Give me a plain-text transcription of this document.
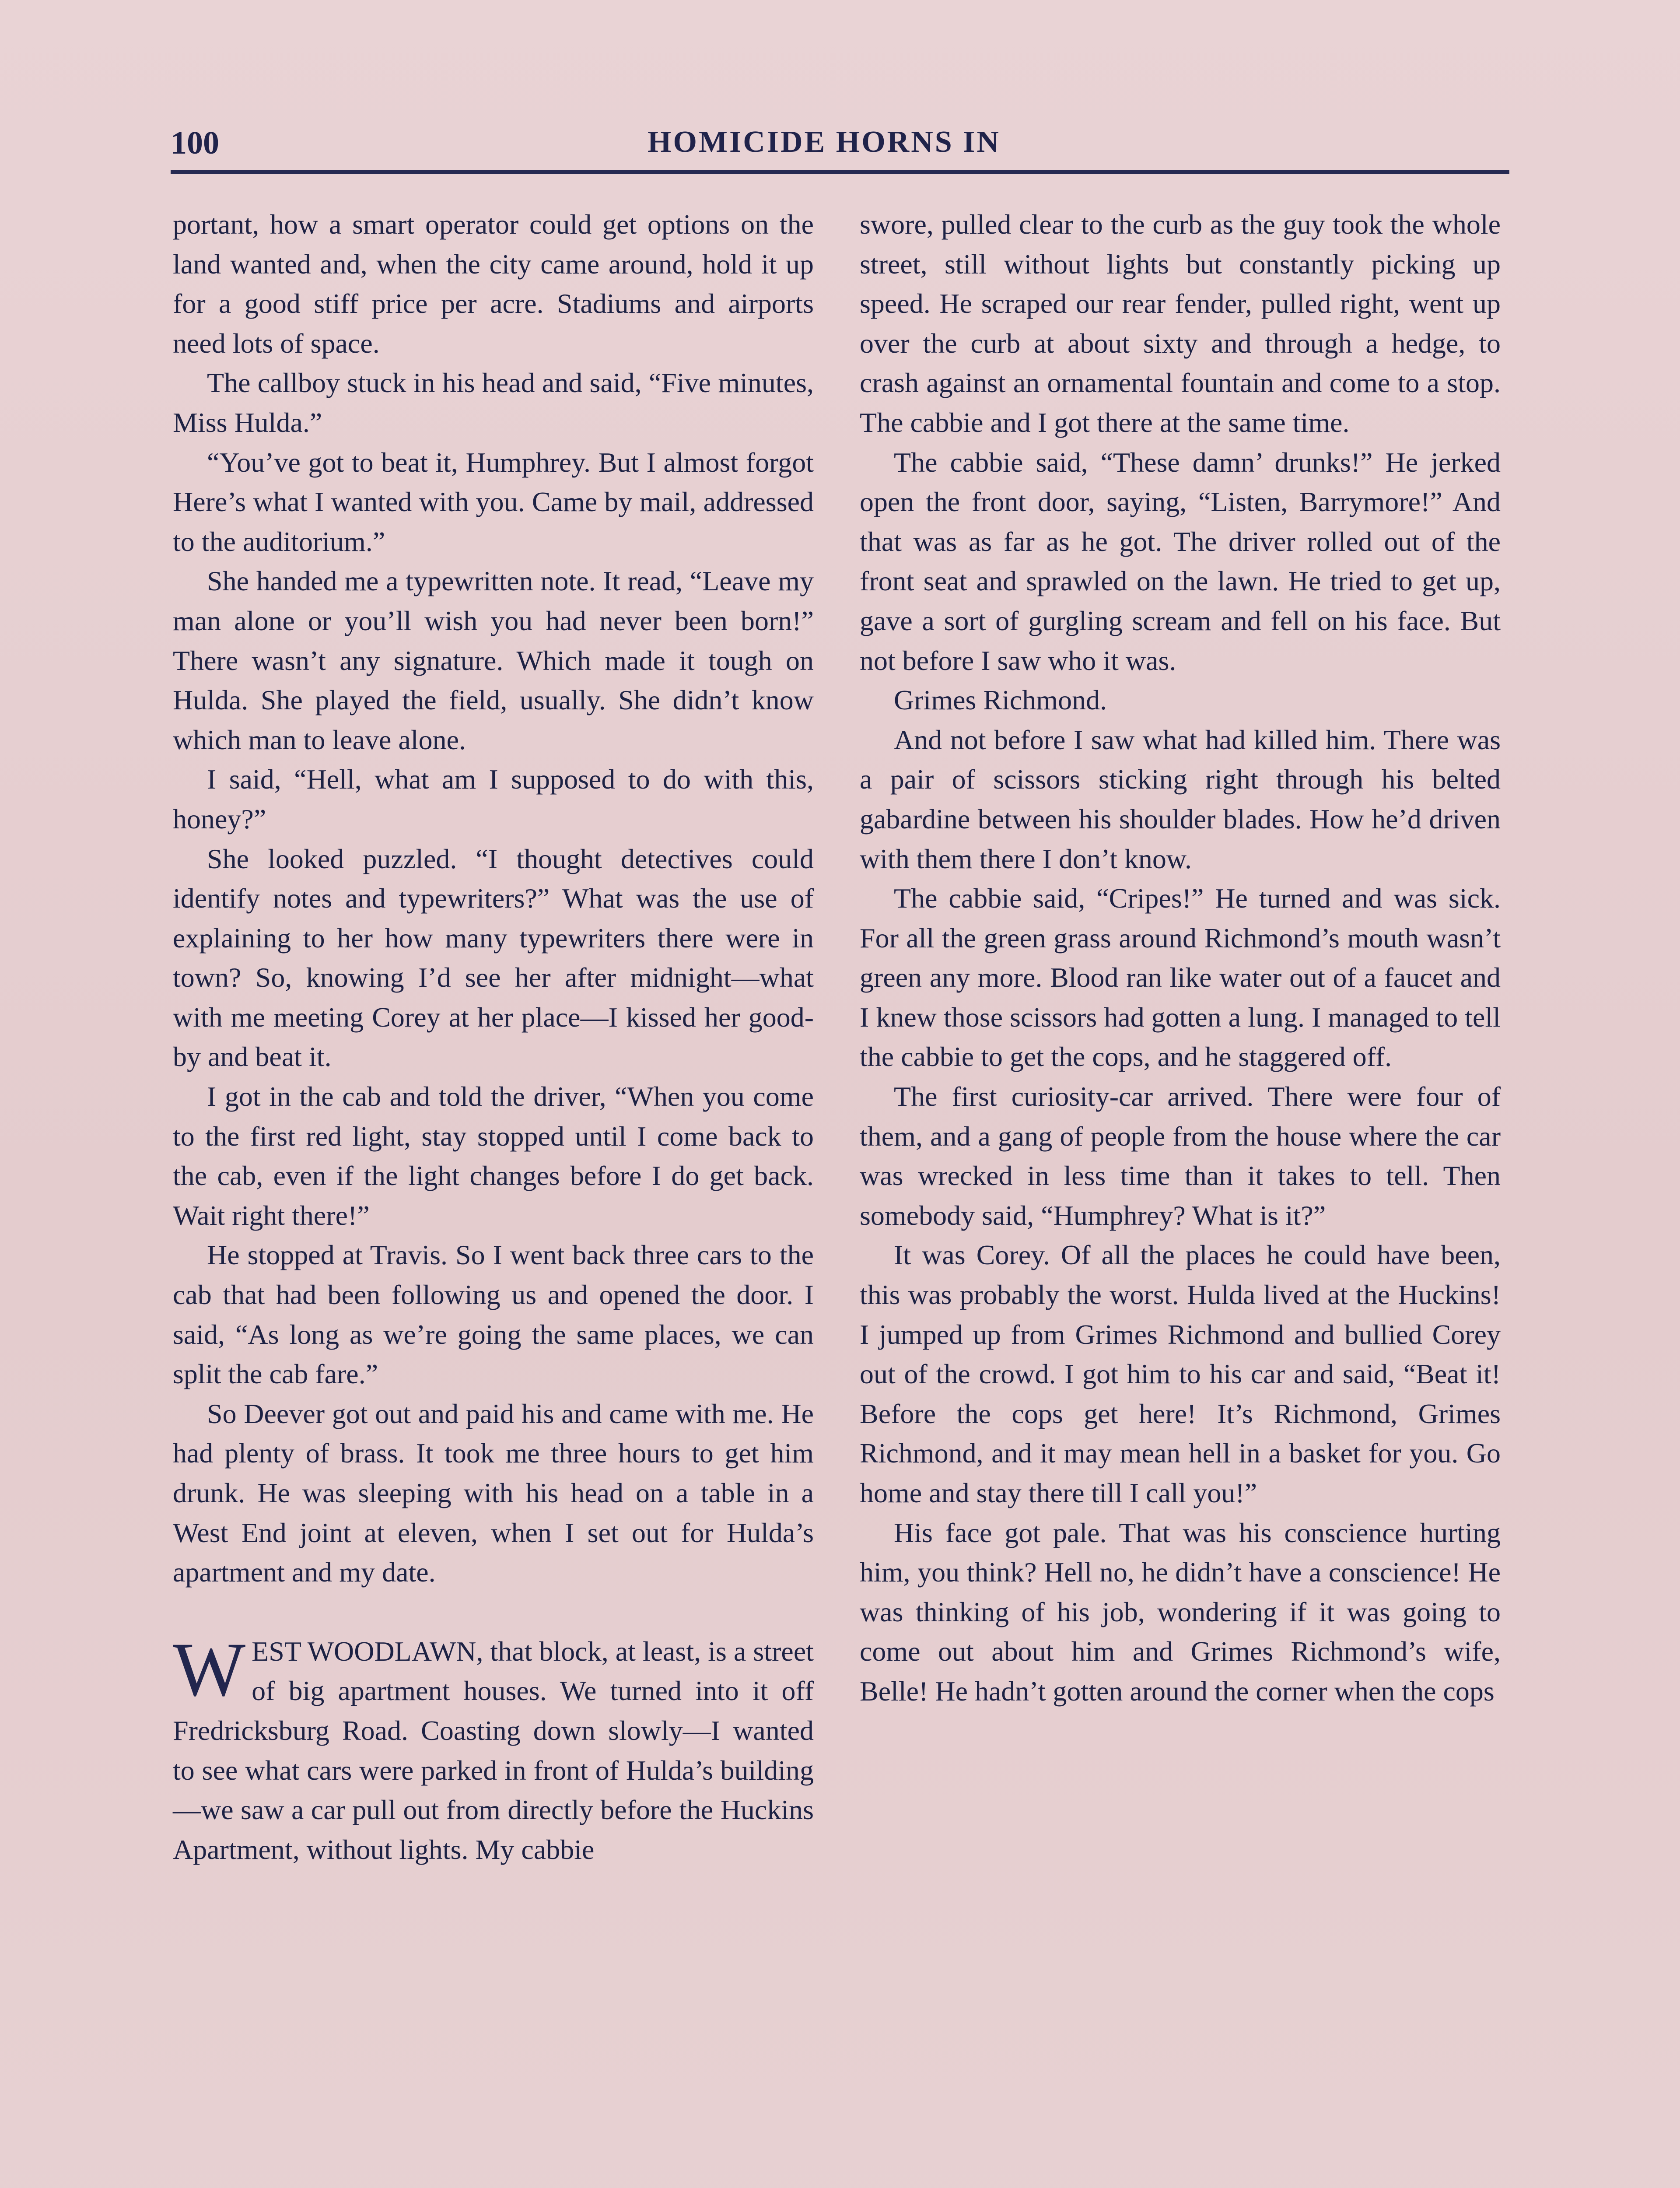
100	HOMICIDE HORNS IN

portant, how a smart operator could get options on the land wanted and, when the city came around, hold it up for a good stiff price per acre. Stadiums and airports need lots of space.

The callboy stuck in his head and said, “Five minutes, Miss Hulda.”

“You’ve got to beat it, Humphrey. But I almost forgot Here’s what I wanted with you. Came by mail, addressed to the auditorium.”

She handed me a typewritten note. It read, “Leave my man alone or you’ll wish you had never been born!” There wasn’t any signature. Which made it tough on Hulda. She played the field, usually. She didn’t know which man to leave alone.

I said, “Hell, what am I supposed to do with this, honey?”

She looked puzzled. “I thought detectives could identify notes and typewriters?” What was the use of explaining to her how many typewriters there were in town? So, knowing I’d see her after midnight—what with me meeting Corey at her place—I kissed her good-by and beat it.

I got in the cab and told the driver, “When you come to the first red light, stay stopped until I come back to the cab, even if the light changes before I do get back. Wait right there!”

He stopped at Travis. So I went back three cars to the cab that had been following us and opened the door. I said, “As long as we’re going the same places, we can split the cab fare.”

So Deever got out and paid his and came with me. He had plenty of brass. It took me three hours to get him drunk. He was sleeping with his head on a table in a West End joint at eleven, when I set out for Hulda’s apartment and my date.

WEST WOODLAWN, that block, at least, is a street of big apartment houses. We turned into it off Fredricksburg Road. Coasting down slowly—I wanted to see what cars were parked in front of Hulda’s building—we saw a car pull out from directly before the Huckins Apartment, without lights. My cabbie

swore, pulled clear to the curb as the guy took the whole street, still without lights but constantly picking up speed. He scraped our rear fender, pulled right, went up over the curb at about sixty and through a hedge, to crash against an ornamental fountain and come to a stop. The cabbie and I got there at the same time.

The cabbie said, “These damn’ drunks!” He jerked open the front door, saying, “Listen, Barrymore!” And that was as far as he got. The driver rolled out of the front seat and sprawled on the lawn. He tried to get up, gave a sort of gurgling scream and fell on his face. But not before I saw who it was.

Grimes Richmond.

And not before I saw what had killed him. There was a pair of scissors sticking right through his belted gabardine between his shoulder blades. How he’d driven with them there I don’t know.

The cabbie said, “Cripes!” He turned and was sick. For all the green grass around Richmond’s mouth wasn’t green any more. Blood ran like water out of a faucet and I knew those scissors had gotten a lung. I managed to tell the cabbie to get the cops, and he staggered off.

The first curiosity-car arrived. There were four of them, and a gang of people from the house where the car was wrecked in less time than it takes to tell. Then somebody said, “Humphrey? What is it?”

It was Corey. Of all the places he could have been, this was probably the worst. Hulda lived at the Huckins! I jumped up from Grimes Richmond and bullied Corey out of the crowd. I got him to his car and said, “Beat it! Before the cops get here! It’s Richmond, Grimes Richmond, and it may mean hell in a basket for you. Go home and stay there till I call you!”

His face got pale. That was his conscience hurting him, you think? Hell no, he didn’t have a conscience! He was thinking of his job, wondering if it was going to come out about him and Grimes Richmond’s wife, Belle! He hadn’t gotten around the corner when the cops
